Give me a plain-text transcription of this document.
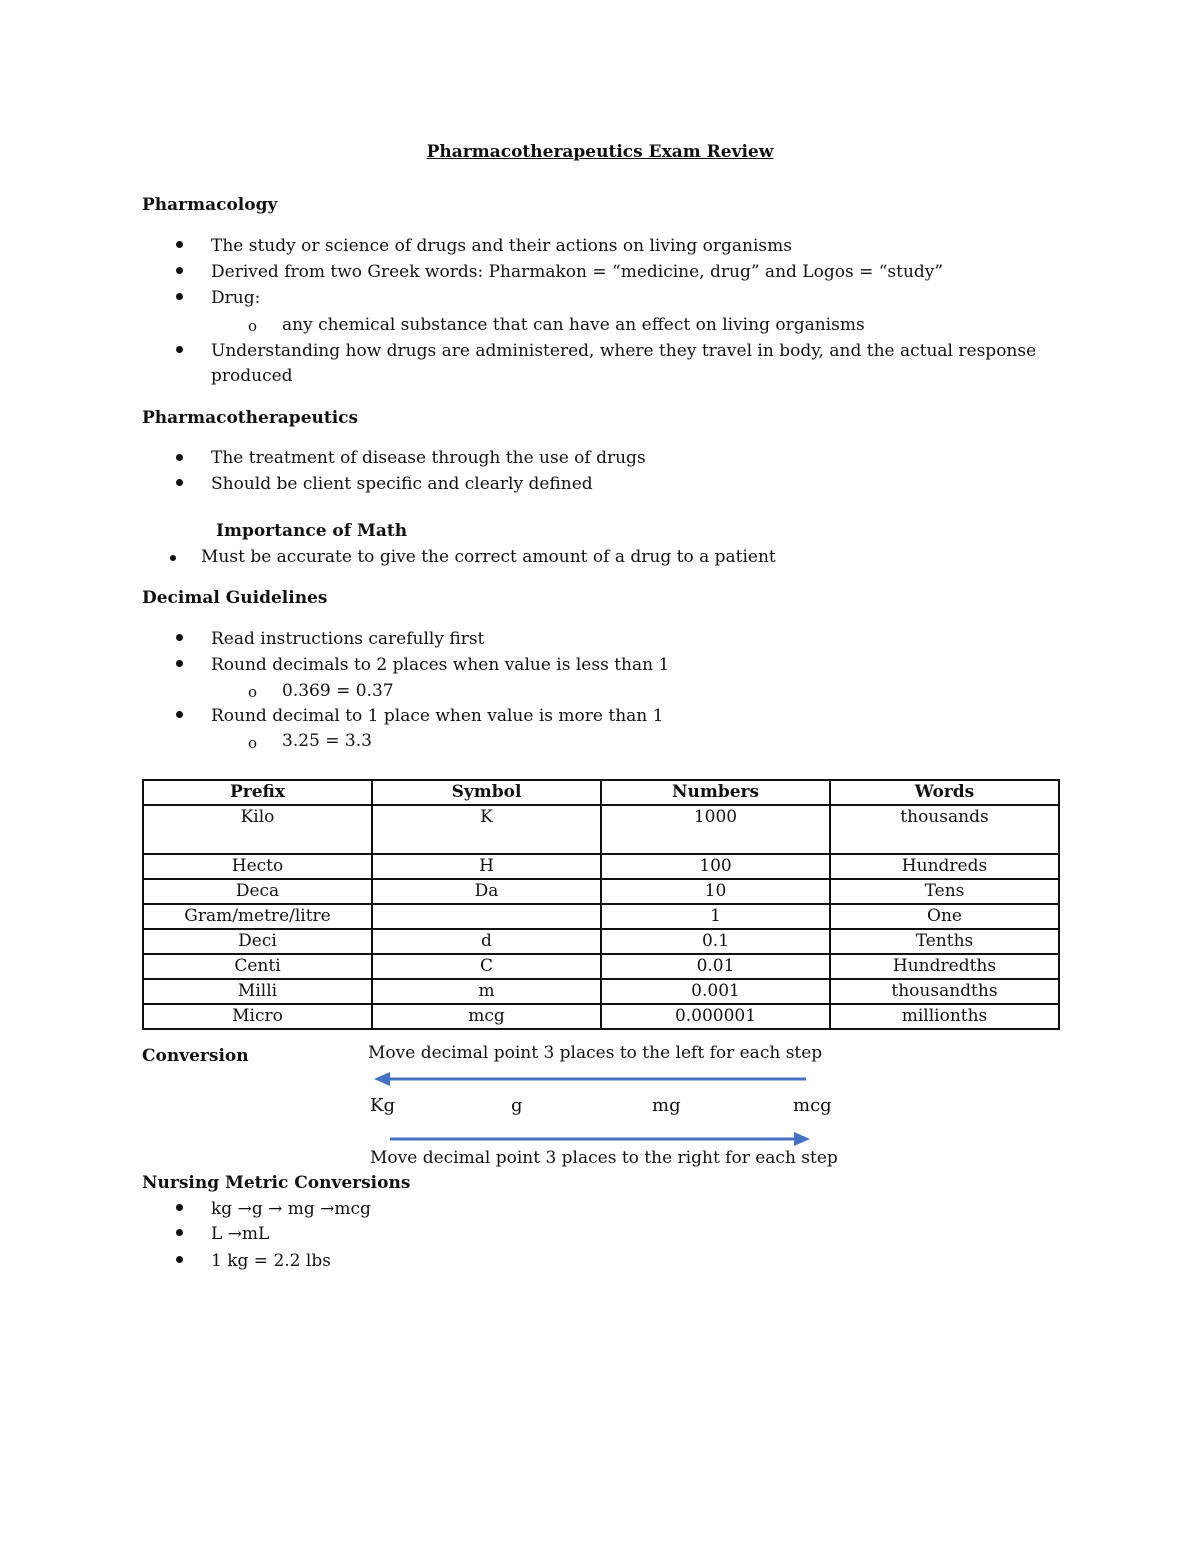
Pharmacotherapeutics Exam Review
Pharmacology
The study or science of drugs and their actions on living organisms
Derived from two Greek words: Pharmakon = “medicine, drug” and Logos = “study”
Drug:
o any chemical substance that can have an effect on living organisms
Understanding how drugs are administered, where they travel in body, and the actual response
produced
Pharmacotherapeutics
The treatment of disease through the use of drugs
Should be client specific and clearly defined
Importance of Math
Must be accurate to give the correct amount of a drug to a patient
Decimal Guidelines
Read instructions carefully first
Round decimals to 2 places when value is less than 1
o 0.369 = 0.37
Round decimal to 1 place when value is more than 1
o 3.25 = 3.3
Prefix	Symbol	Numbers	Words
Kilo	K	1000	thousands
Hecto	H	100	Hundreds
Deca	Da	10	Tens
Gram/metre/litre		1	One
Deci	d	0.1	Tenths
Centi	C	0.01	Hundredths
Milli	m	0.001	thousandths
Micro	mcg	0.000001	millionths
Conversion	Move decimal point 3 places to the left for each step
Kg	g	mg	mcg
Move decimal point 3 places to the right for each step
Nursing Metric Conversions
kg →g → mg →mcg
L →mL
1 kg = 2.2 lbs
